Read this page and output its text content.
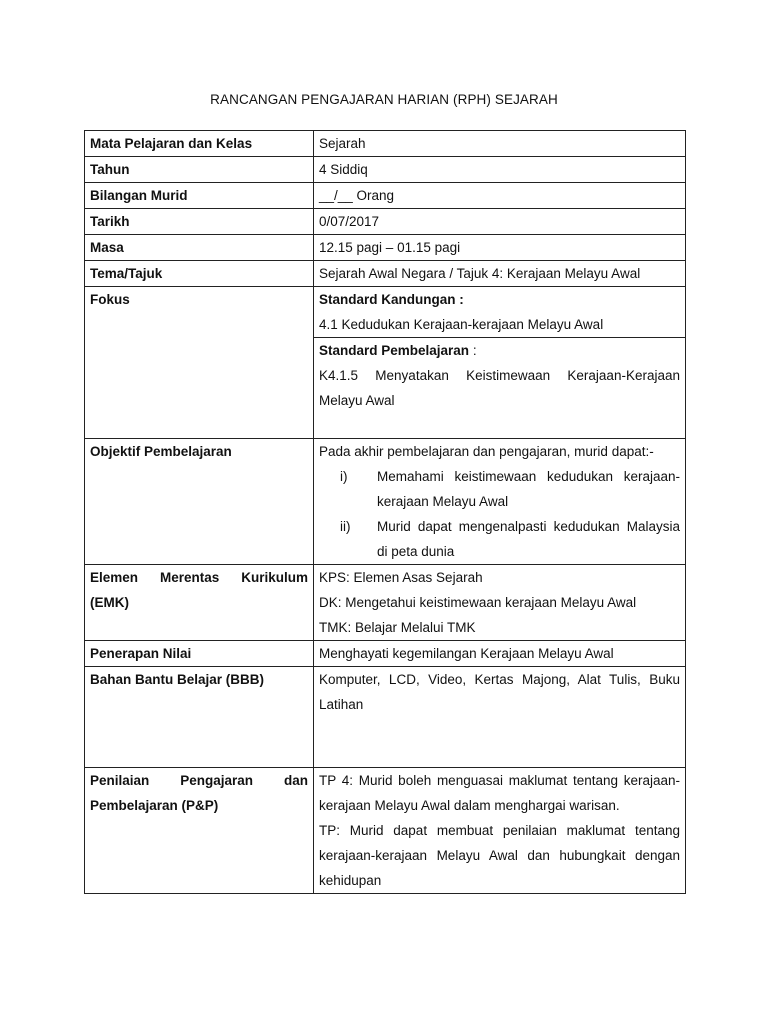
RANCANGAN PENGAJARAN HARIAN (RPH) SEJARAH
Mata Pelajaran dan Kelas	Sejarah
Tahun	4 Siddiq
Bilangan Murid	__/__ Orang
Tarikh	0/07/2017
Masa	12.15 pagi – 01.15 pagi
Tema/Tajuk	Sejarah Awal Negara / Tajuk 4: Kerajaan Melayu Awal
Fokus	Standard Kandungan :
4.1 Kedudukan Kerajaan-kerajaan Melayu Awal
Standard Pembelajaran :
K4.1.5 Menyatakan Keistimewaan Kerajaan-Kerajaan Melayu Awal

Objektif Pembelajaran	Pada akhir pembelajaran dan pengajaran, murid dapat:-
i) Memahami keistimewaan kedudukan kerajaan-kerajaan Melayu Awal
ii) Murid dapat mengenalpasti kedudukan Malaysia di peta dunia

Elemen Merentas Kurikulum (EMK)	KPS: Elemen Asas Sejarah
DK: Mengetahui keistimewaan kerajaan Melayu Awal
TMK: Belajar Melalui TMK

Penerapan Nilai	Menghayati kegemilangan Kerajaan Melayu Awal
Bahan Bantu Belajar (BBB)	Komputer, LCD, Video, Kertas Majong, Alat Tulis, Buku Latihan
Penilaian Pengajaran dan Pembelajaran (P&P)	TP 4: Murid boleh menguasai maklumat tentang kerajaan-kerajaan Melayu Awal dalam menghargai warisan.
TP: Murid dapat membuat penilaian maklumat tentang kerajaan-kerajaan Melayu Awal dan hubungkait dengan kehidupan
